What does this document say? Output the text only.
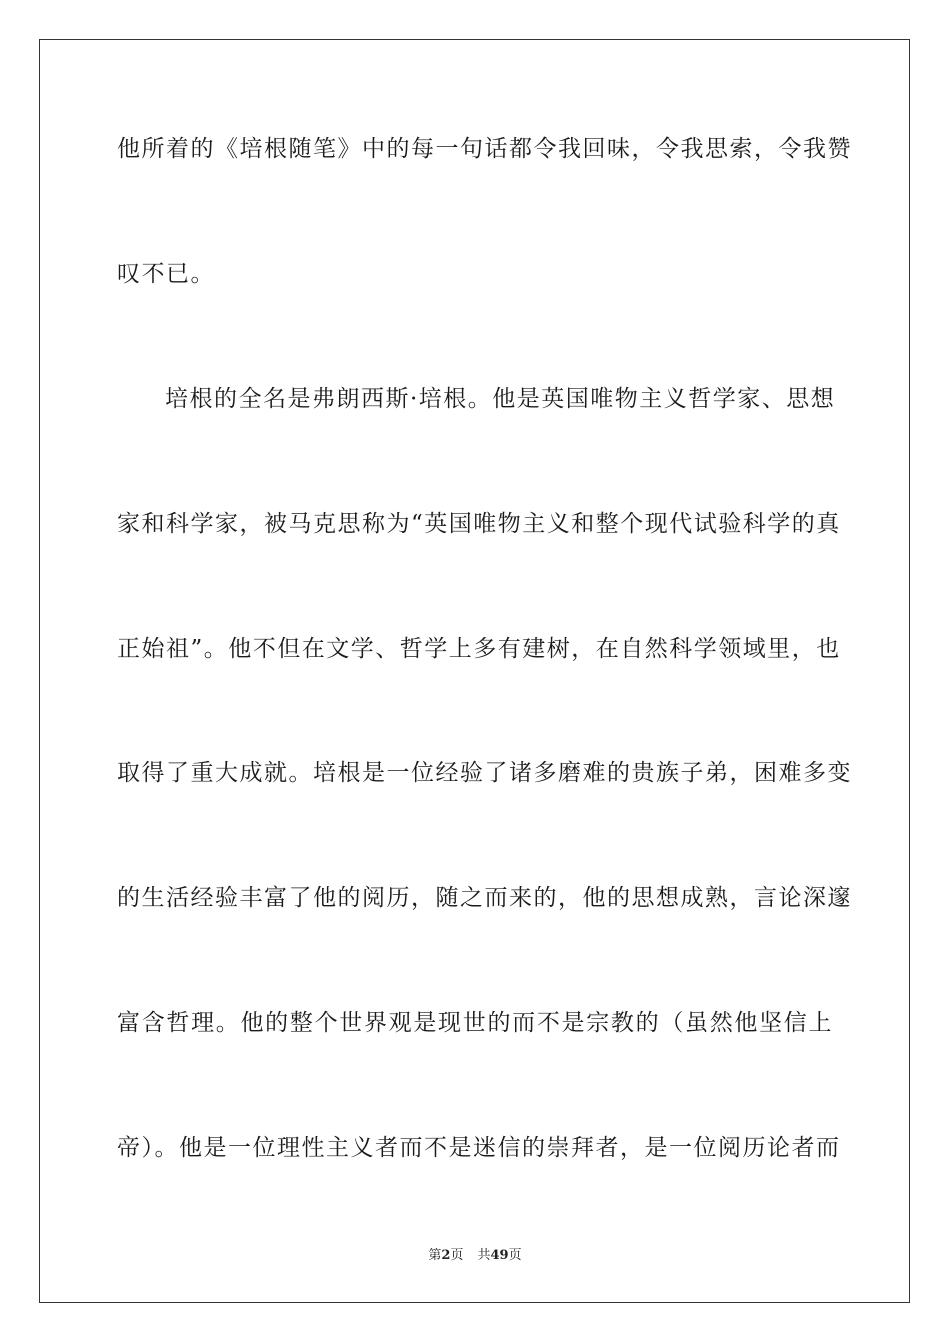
他所着的《培根随笔》中的每一句话都令我回味，令我思索，令我赞
叹不已。
培根的全名是弗朗西斯·培根。他是英国唯物主义哲学家、思想
家和科学家，被马克思称为“英国唯物主义和整个现代试验科学的真
正始祖”。他不但在文学、哲学上多有建树，在自然科学领域里，也
取得了重大成就。培根是一位经验了诸多磨难的贵族子弟，困难多变
的生活经验丰富了他的阅历，随之而来的，他的思想成熟，言论深邃
富含哲理。他的整个世界观是现世的而不是宗教的（虽然他坚信上
帝）。他是一位理性主义者而不是迷信的崇拜者，是一位阅历论者而
第2页 共49页
